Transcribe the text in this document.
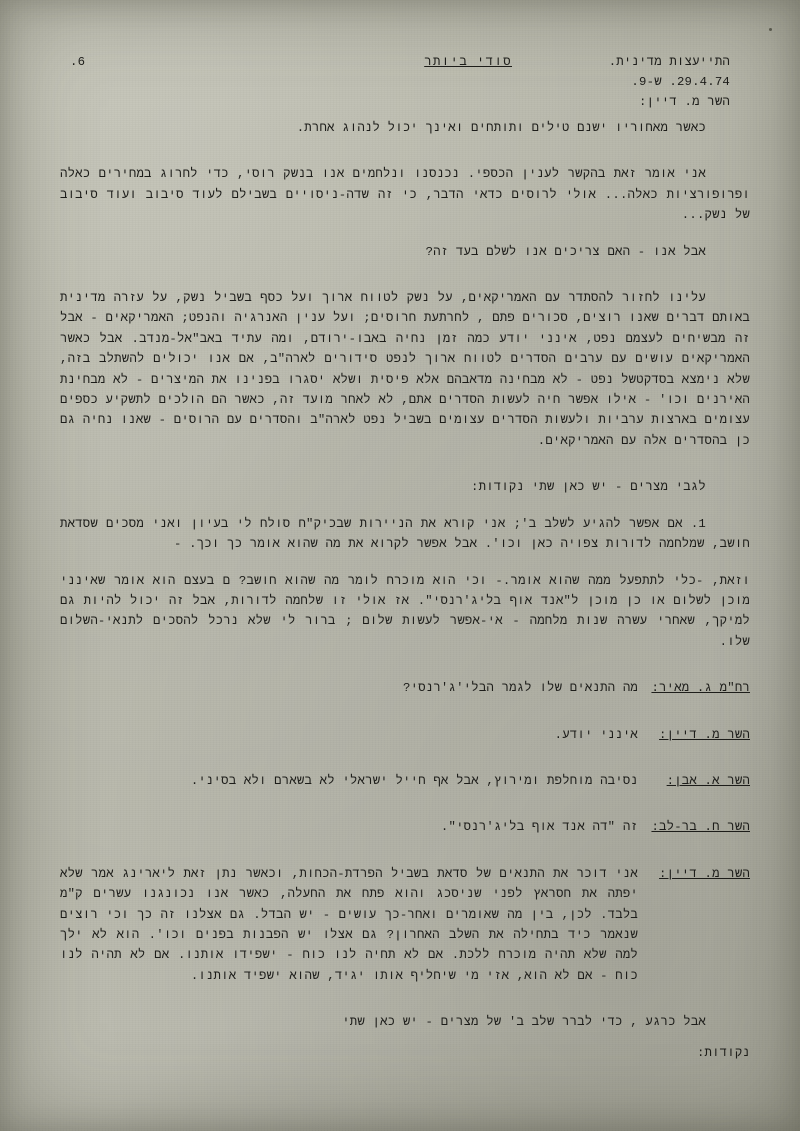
התייעצות מדינית.
29.4.74. ש-9.
השר מ. דיין:
סודי ביותר
6.

כאשר מאחוריו ישנם טילים ותותחים ואינך יכול לנהוג אחרת.

אני אומר זאת בהקשר לענין הכספי. נכנסנו ונלחמים אנו בנשק רוסי, כדי לחרוג במחירים כאלה ופרופורציות כאלה... אולי לרוסים כדאי הדבר, כי זה שדה-ניסויים בשבילם לעוד סיבוב ועוד סיבוב של נשק...

אבל אנו - האם צריכים אנו לשלם בעד זה?

עלינו לחזור להסתדר עם האמריקאים, על נשק לטווח ארוך ועל כסף בשביל נשק, על עזרה מדינית באותם דברים שאנו רוצים, סכורים פתם , לחרתעת חרוסים; ועל ענין האנרגיה והנפט; האמריקאים - אבל זה מבשיחים לעצמם נפט, אינני יודע כמה זמן נחיה באבו-ירודם, ומה עתיד באב"אל-מנדב. אבל כאשר האמריקאים עושים עם ערבים הסדרים לטווח ארוך לנפט סידורים לארה"ב, אם אנו יכולים להשתלב בזה, שלא נימצא בסדקטשל נפט - לא מבחינה מדאבהם אלא פיסית ושלא יסגרו בפנינו את המיצרים - לא מבחינת האירנים וכו' - אילו אפשר חיה לעשות הסדרים אתם, לא לאחר מועד זה, כאשר הם הולכים לתשקיע כספים עצומים בארצות ערביות ולעשות הסדרים עצומים בשביל נפט לארה"ב והסדרים עם הרוסים - שאנו נחיה גם כן בהסדרים אלה עם האמריקאים.

לגבי מצרים - יש כאן שתי נקודות:

1. אם אפשר להגיע לשלב ב'; אני קורא את הניירות שבכיק"ח סולח לי בעיון ואני מסכים שסדאת חושב, שמלחמה לדורות צפויה כאן וכו'. אבל אפשר לקרוא את מה שהוא אומר כך וכך. -

וזאת, -כלי לתתפעל ממה שהוא אומר.- וכי הוא מוכרח לומר מה שהוא חושב? ם בעצם הוא אומר שאינני מוכן לשלום או כן מוכן ל"אנד אוף בליג'רנסי". אז אולי זו שלחמה לדורות, אבל זה יכול להיות גם למיקך, שאחרי עשרה שנות מלחמה - אי-אפשר לעשות שלום ; ברור לי שלא נרכל להסכים לתנאי-השלום שלו.

רח"מ ג. מאיר:
מה התנאים שלו לגמר הבלי'ג'רנסי?
השר מ. דיין:
אינני יודע.
השר א. אבן:
נסיבה מוחלפת ומירוץ, אבל אף חייל ישראלי לא בשארם ולא בסיני.
השר ח. בר-לב:
זה "דה אנד אוף בליג'רנסי".
השר מ. דיין:
אני דוכר את התנאים של סדאת בשביל הפרדת-הכחות, וכאשר נתן זאת ליארינג אמר שלא יפתה את חסראץ לפני שניסכג והוא פתח את החעלה, כאשר אנו נכונגנו עשרים ק"מ בלבד. לכן, בין מה שאומרים ואחר-כך עושים - יש הבדל. גם אצלנו זה כך וכי רוצים שנאמר כיד בתחילה את השלב האחרון? גם אצלו יש הפבנות בפנים וכו'. הוא לא ילך למה שלא תהיה מוכרח ללכת. אם לא תחיה לנו כוח - ישפידו אותנו. אם לא תהיה לנו כוח - אם לא הוא, אזי מי שיחליף אותו יגיד, שהוא ישפיד אותנו.

אבל כרגע , כדי לברר שלב ב' של מצרים - יש כאן שתי

נקודות:
